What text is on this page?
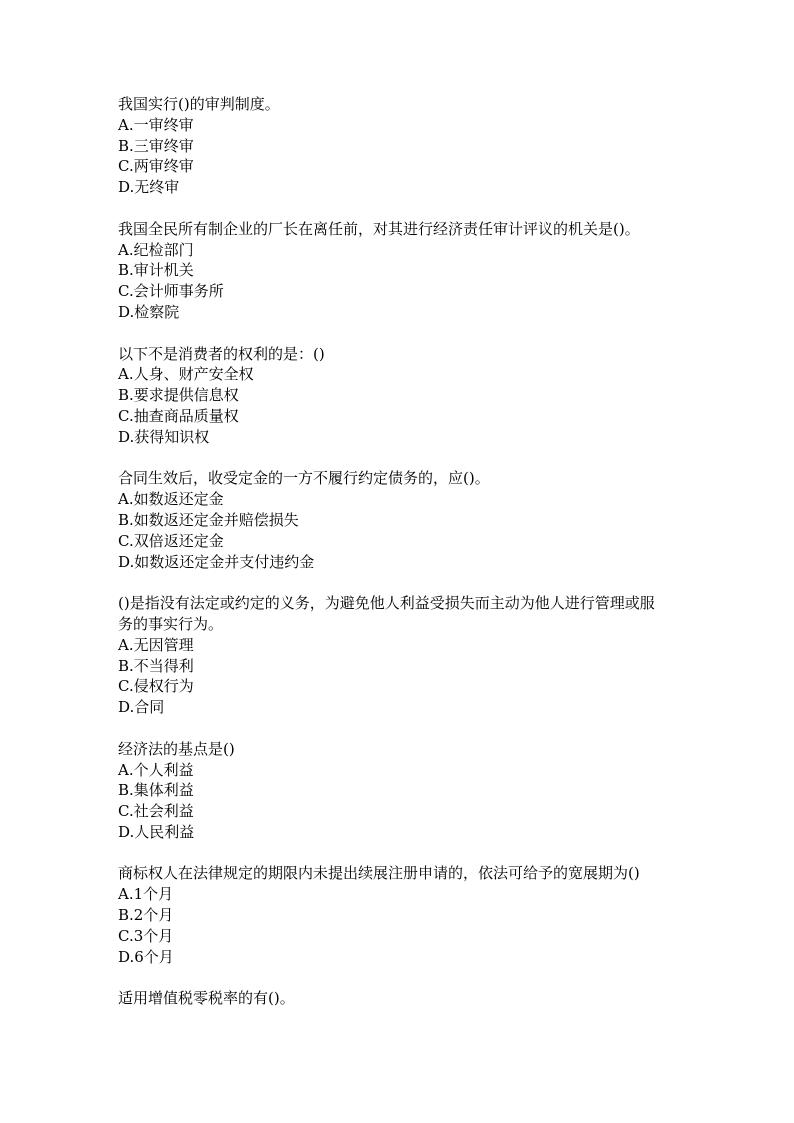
我国实行()的审判制度。
A.一审终审
B.三审终审
C.两审终审
D.无终审
我国全民所有制企业的厂长在离任前，对其进行经济责任审计评议的机关是()。
A.纪检部门
B.审计机关
C.会计师事务所
D.检察院
以下不是消费者的权利的是：()
A.人身、财产安全权
B.要求提供信息权
C.抽查商品质量权
D.获得知识权
合同生效后，收受定金的一方不履行约定债务的，应()。
A.如数返还定金
B.如数返还定金并赔偿损失
C.双倍返还定金
D.如数返还定金并支付违约金
()是指没有法定或约定的义务，为避免他人利益受损失而主动为他人进行管理或服务的事实行为。
A.无因管理
B.不当得利
C.侵权行为
D.合同
经济法的基点是()
A.个人利益
B.集体利益
C.社会利益
D.人民利益
商标权人在法律规定的期限内未提出续展注册申请的，依法可给予的宽展期为()
A.1个月
B.2个月
C.3个月
D.6个月
适用增值税零税率的有()。
